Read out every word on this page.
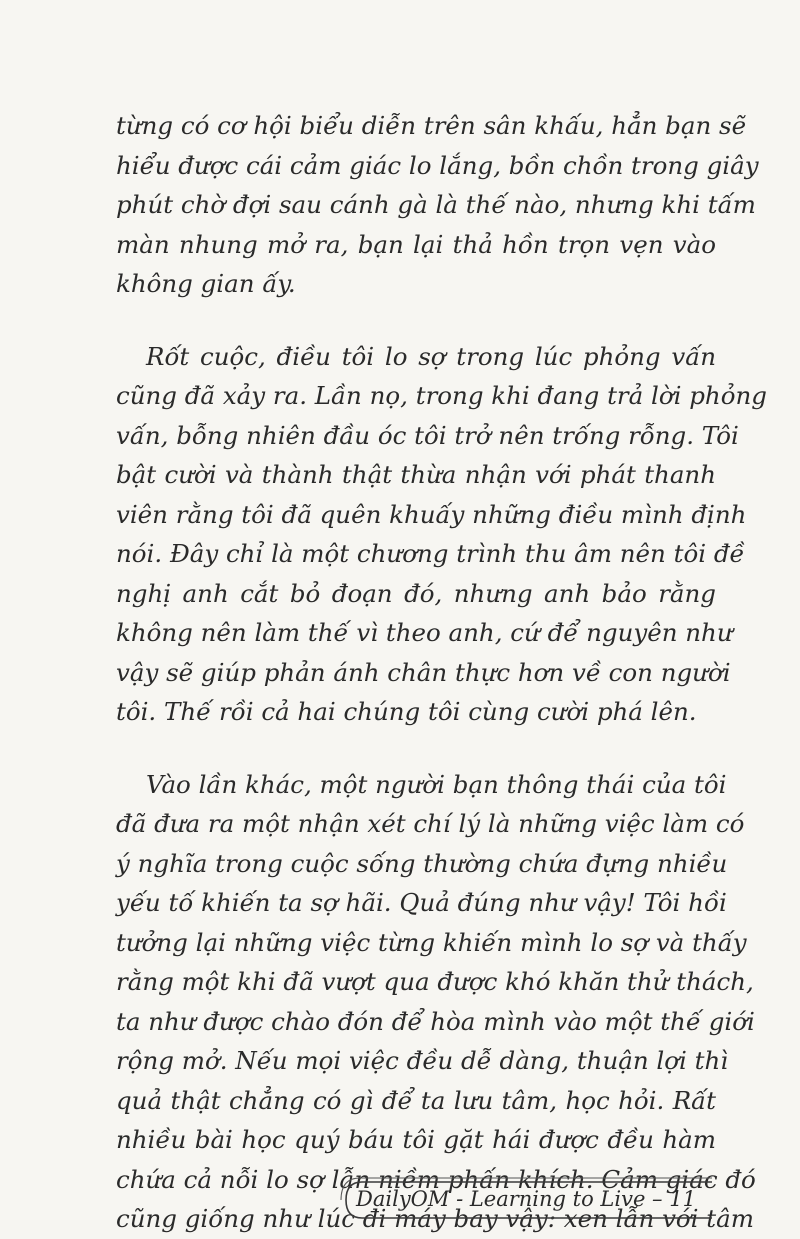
từng có cơ hội biểu diễn trên sân khấu, hẳn bạn sẽ
hiểu được cái cảm giác lo lắng, bồn chồn trong giây
phút chờ đợi sau cánh gà là thế nào, nhưng khi tấm
màn nhung mở ra, bạn lại thả hồn trọn vẹn vào
không gian ấy.

Rốt cuộc, điều tôi lo sợ trong lúc phỏng vấn
cũng đã xảy ra. Lần nọ, trong khi đang trả lời phỏng
vấn, bỗng nhiên đầu óc tôi trở nên trống rỗng. Tôi
bật cười và thành thật thừa nhận với phát thanh
viên rằng tôi đã quên khuấy những điều mình định
nói. Đây chỉ là một chương trình thu âm nên tôi đề
nghị anh cắt bỏ đoạn đó, nhưng anh bảo rằng
không nên làm thế vì theo anh, cứ để nguyên như
vậy sẽ giúp phản ánh chân thực hơn về con người
tôi. Thế rồi cả hai chúng tôi cùng cười phá lên.

Vào lần khác, một người bạn thông thái của tôi
đã đưa ra một nhận xét chí lý là những việc làm có
ý nghĩa trong cuộc sống thường chứa đựng nhiều
yếu tố khiến ta sợ hãi. Quả đúng như vậy! Tôi hồi
tưởng lại những việc từng khiến mình lo sợ và thấy
rằng một khi đã vượt qua được khó khăn thử thách,
ta như được chào đón để hòa mình vào một thế giới
rộng mở. Nếu mọi việc đều dễ dàng, thuận lợi thì
quả thật chẳng có gì để ta lưu tâm, học hỏi. Rất
nhiều bài học quý báu tôi gặt hái được đều hàm
chứa cả nỗi lo sợ lẫn niềm phấn khích. Cảm giác đó
cũng giống như lúc đi máy bay vậy: xen lẫn với tâm

DailyOM - Learning to Live – 11
